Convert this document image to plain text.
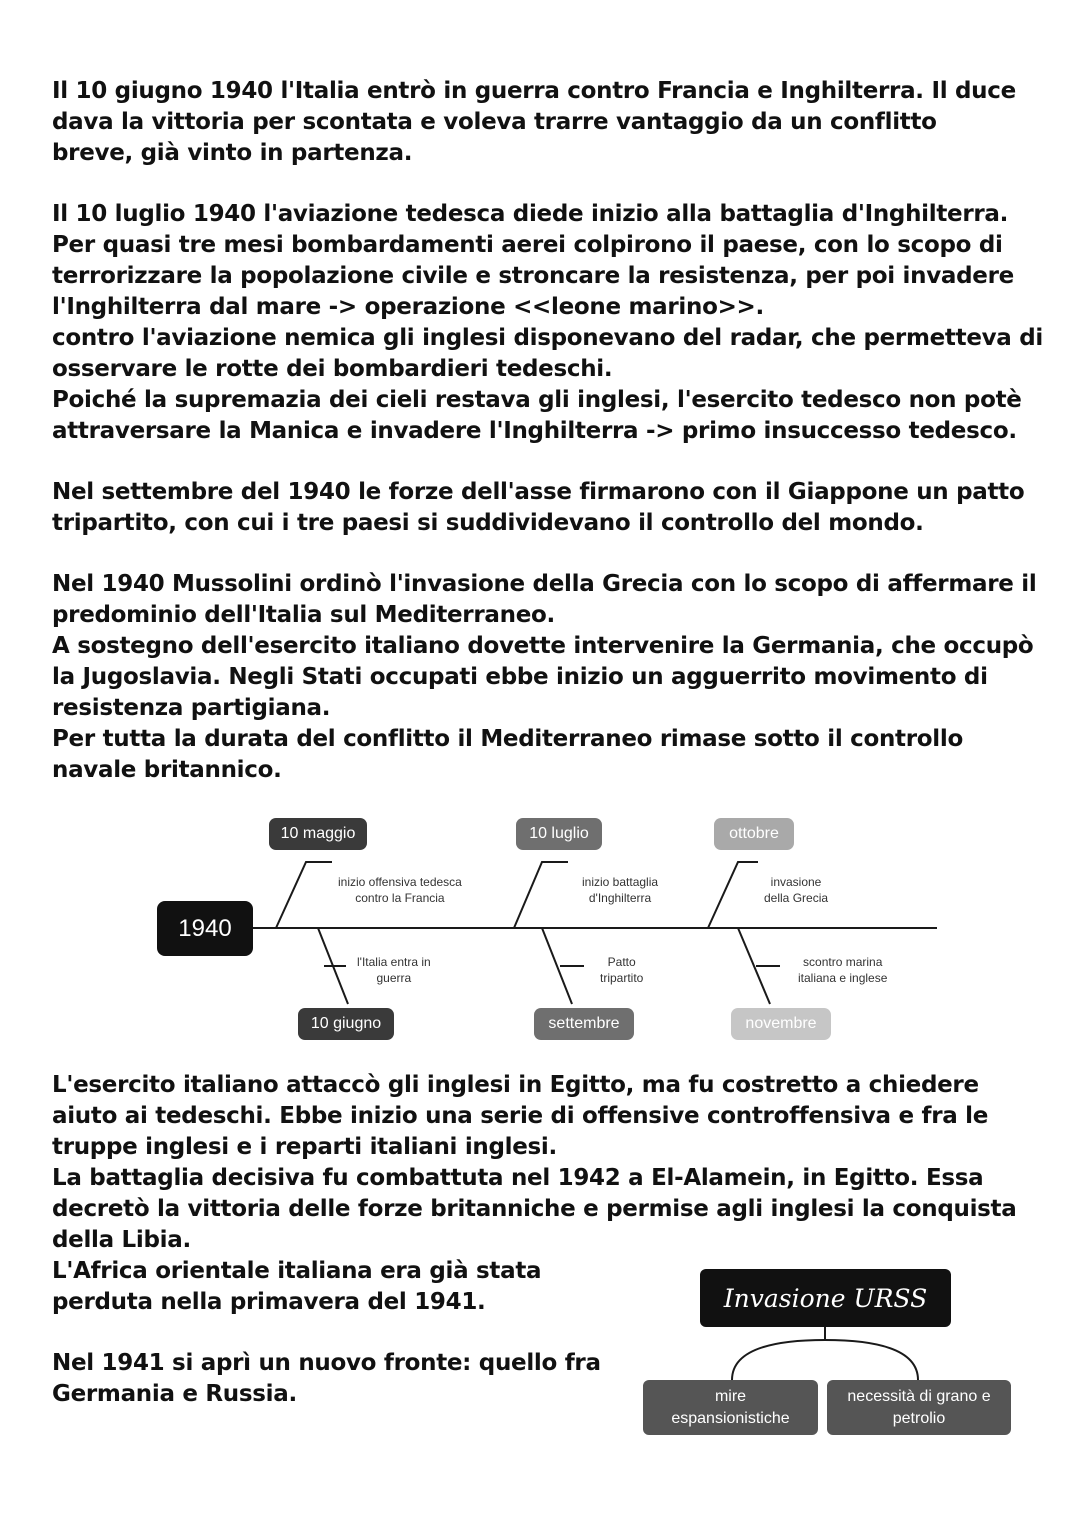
Il 10 giugno 1940 l'Italia entrò in guerra contro Francia e Inghilterra. Il duce
dava la vittoria per scontata e voleva trarre vantaggio da un conflitto
breve, già vinto in partenza.
Il 10 luglio 1940 l'aviazione tedesca diede inizio alla battaglia d'Inghilterra.
Per quasi tre mesi bombardamenti aerei colpirono il paese, con lo scopo di
terrorizzare la popolazione civile e stroncare la resistenza, per poi invadere
l'Inghilterra dal mare -> operazione <<leone marino>>.
contro l'aviazione nemica gli inglesi disponevano del radar, che permetteva di
osservare le rotte dei bombardieri tedeschi.
Poiché la supremazia dei cieli restava gli inglesi, l'esercito tedesco non potè
attraversare la Manica e invadere l'Inghilterra -> primo insuccesso tedesco.
Nel settembre del 1940 le forze dell'asse firmarono con il Giappone un patto
tripartito, con cui i tre paesi si suddividevano il controllo del mondo.
Nel 1940 Mussolini ordinò l'invasione della Grecia con lo scopo di affermare il
predominio dell'Italia sul Mediterraneo.
A sostegno dell'esercito italiano dovette intervenire la Germania, che occupò
la Jugoslavia. Negli Stati occupati ebbe inizio un agguerrito movimento di
resistenza partigiana.
Per tutta la durata del conflitto il Mediterraneo rimase sotto il controllo
navale britannico.
1940
10 maggio
10 giugno
10 luglio
settembre
ottobre
novembre
inizio offensiva tedesca
contro la Francia
l'Italia entra in
guerra
inizio battaglia
d'Inghilterra
Patto
tripartito
invasione
della Grecia
scontro marina
italiana e inglese
L'esercito italiano attaccò gli inglesi in Egitto, ma fu costretto a chiedere
aiuto ai tedeschi. Ebbe inizio una serie di offensive controffensiva e fra le
truppe inglesi e i reparti italiani inglesi.
La battaglia decisiva fu combattuta nel 1942 a El-Alamein, in Egitto. Essa
decretò la vittoria delle forze britanniche e permise agli inglesi la conquista
della Libia.
L'Africa orientale italiana era già stata
perduta nella primavera del 1941.
Nel 1941 si aprì un nuovo fronte: quello fra
Germania e Russia.
Invasione URSS
mire
espansionistiche
necessità di grano e
petrolio
